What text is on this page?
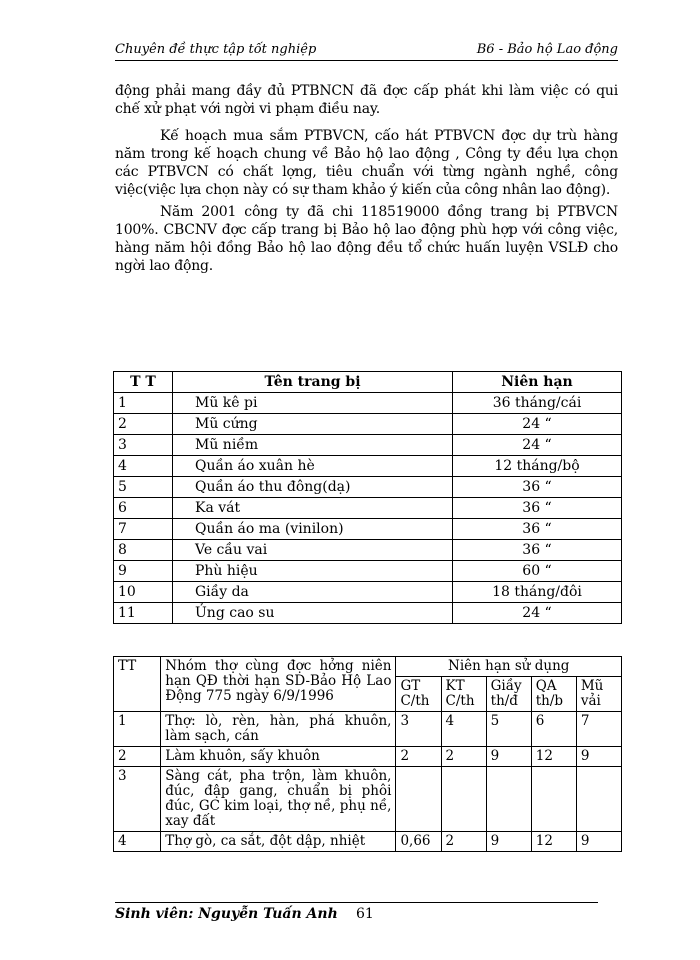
Chuyên đề thực tập tốt nghiệp	B6 - Bảo hộ Lao động

động phải mang đầy đủ PTBNCN đã đợc cấp phát khi làm việc có qui chế xử phạt với ngời vi phạm điều nay.

Kế hoạch mua sắm PTBVCN, cấo hát PTBVCN đợc dự trù hàng năm trong kế hoạch chung về Bảo hộ lao động , Công ty đều lựa chọn các PTBVCN có chất lợng, tiêu chuẩn với từng ngành nghề, công việc(việc lựa chọn này có sự tham khảo ý kiến của công nhân lao động).

Năm 2001 công ty đã chi 118519000 đồng trang bị PTBVCN 100%. CBCNV đợc cấp trang bị Bảo hộ lao động phù hợp với công việc, hàng năm hội đồng Bảo hộ lao động đều tổ chức huấn luyện VSLĐ cho ngời lao động.

T T	Tên trang bị	Niên hạn
1	Mũ kê pi	36 tháng/cái
2	Mũ cứng	24 “
3	Mũ niềm	24 “
4	Quần áo xuân hè	12 tháng/bộ
5	Quần áo thu đông(dạ)	36 “
6	Ka vát	36 “
7	Quần áo ma (vinilon)	36 “
8	Ve cầu vai	36 “
9	Phù hiệu	60 “
10	Giầy da	18 tháng/đôi
11	Ủng cao su	24 “
TT	Nhóm thợ cùng đợc hởng niên hạn QĐ thời hạn SD-Bảo Hộ Lao Động 775 ngày 6/9/1996	Niên hạn sử dụng				
		GT C/th	KT C/th	Giầy th/đ	QA th/b	Mũ vải
1	Thợ: lò, rèn, hàn, phá khuôn, làm sạch, cán	3	4	5	6	7
2	Làm khuôn, sấy khuôn	2	2	9	12	9
3	Sàng cát, pha trộn, làm khuôn, đúc, đập gang, chuẩn bị phôi đúc, GC kim loại, thợ nề, phụ nề, xay đất					
4	Thợ gò, ca sắt, đột dập, nhiệt	0,66	2	9	12	9
Sinh viên: Nguyễn Tuấn Anh 61
